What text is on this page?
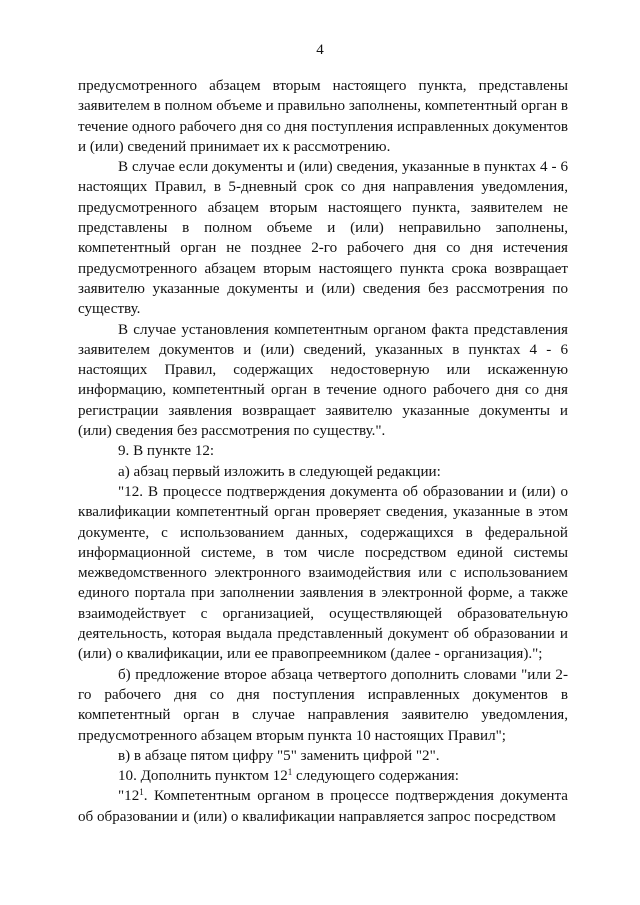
4

предусмотренного абзацем вторым настоящего пункта, представлены заявителем в полном объеме и правильно заполнены, компетентный орган в течение одного рабочего дня со дня поступления исправленных документов и (или) сведений принимает их к рассмотрению.

В случае если документы и (или) сведения, указанные в пунктах 4 - 6 настоящих Правил, в 5-дневный срок со дня направления уведомления, предусмотренного абзацем вторым настоящего пункта, заявителем не представлены в полном объеме и (или) неправильно заполнены, компетентный орган не позднее 2-го рабочего дня со дня истечения предусмотренного абзацем вторым настоящего пункта срока возвращает заявителю указанные документы и (или) сведения без рассмотрения по существу.

В случае установления компетентным органом факта представления заявителем документов и (или) сведений, указанных в пунктах 4 - 6 настоящих Правил, содержащих недостоверную или искаженную информацию, компетентный орган в течение одного рабочего дня со дня регистрации заявления возвращает заявителю указанные документы и (или) сведения без рассмотрения по существу.".

9. В пункте 12:

а) абзац первый изложить в следующей редакции:

"12. В процессе подтверждения документа об образовании и (или) о квалификации компетентный орган проверяет сведения, указанные в этом документе, с использованием данных, содержащихся в федеральной информационной системе, в том числе посредством единой системы межведомственного электронного взаимодействия или с использованием единого портала при заполнении заявления в электронной форме, а также взаимодействует с организацией, осуществляющей образовательную деятельность, которая выдала представленный документ об образовании и (или) о квалификации, или ее правопреемником (далее - организация).";

б) предложение второе абзаца четвертого дополнить словами "или 2-го рабочего дня со дня поступления исправленных документов в компетентный орган в случае направления заявителю уведомления, предусмотренного абзацем вторым пункта 10 настоящих Правил";

в) в абзаце пятом цифру "5" заменить цифрой "2".

10. Дополнить пунктом $12^1$ следующего содержания:

"$12^1$. Компетентным органом в процессе подтверждения документа об образовании и (или) о квалификации направляется запрос посредством
